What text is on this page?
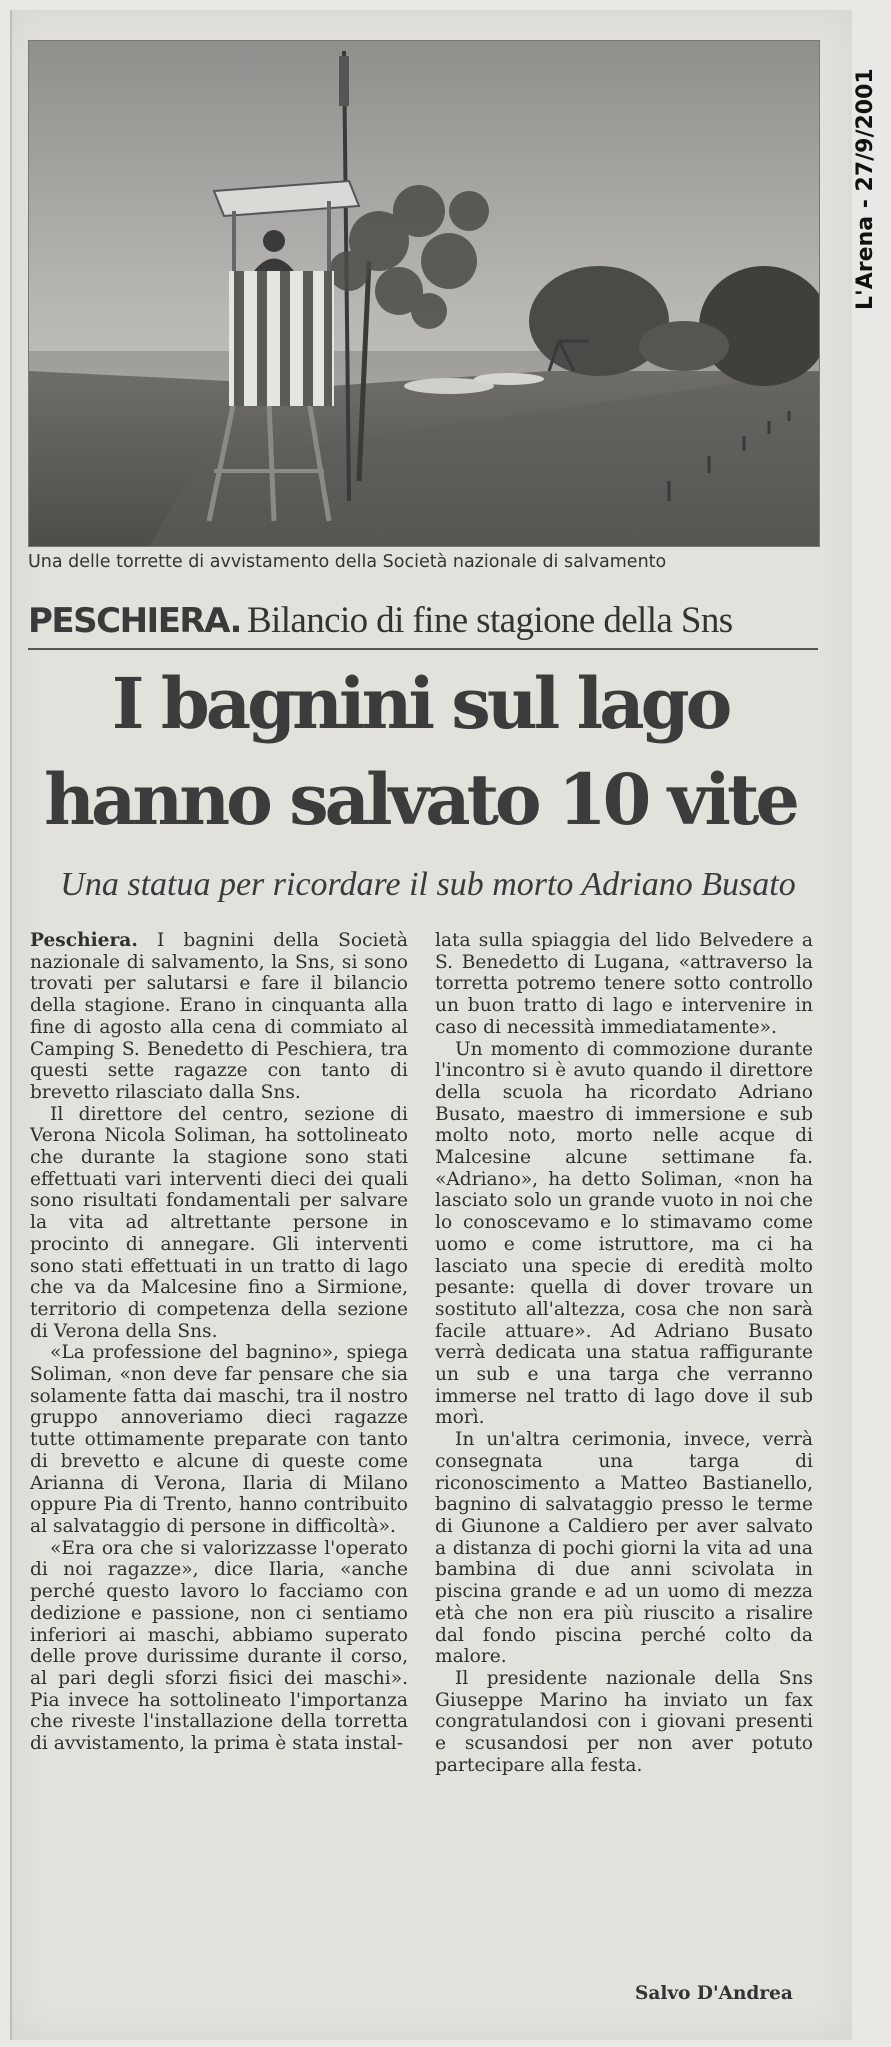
L'Arena - 27/9/2001
Una delle torrette di avvistamento della Società nazionale di salvamento
PESCHIERA. Bilancio di fine stagione della Sns
I bagnini sul lago
hanno salvato 10 vite
Una statua per ricordare il sub morto Adriano Busato

Peschiera. I bagnini della Società nazionale di salvamento, la Sns, si sono trovati per salutarsi e fare il bilancio della stagione. Erano in cinquanta alla fine di agosto alla cena di commiato al Camping S. Benedetto di Peschiera, tra questi sette ragazze con tanto di brevetto rilasciato dalla Sns.

Il direttore del centro, sezione di Verona Nicola Soliman, ha sottolineato che durante la stagione sono stati effettuati vari interventi dieci dei quali sono risultati fondamentali per salvare la vita ad altrettante persone in procinto di annegare. Gli interventi sono stati effettuati in un tratto di lago che va da Malcesine fino a Sirmione, territorio di competenza della sezione di Verona della Sns.

«La professione del bagnino», spiega Soliman, «non deve far pensare che sia solamente fatta dai maschi, tra il nostro gruppo annoveriamo dieci ragazze tutte ottimamente preparate con tanto di brevetto e alcune di queste come Arianna di Verona, Ilaria di Milano oppure Pia di Trento, hanno contribuito al salvataggio di persone in difficoltà».

«Era ora che si valorizzasse l'operato di noi ragazze», dice Ilaria, «anche perché questo lavoro lo facciamo con dedizione e passione, non ci sentiamo inferiori ai maschi, abbiamo superato delle prove durissime durante il corso, al pari degli sforzi fisici dei maschi». Pia invece ha sottolineato l'importanza che riveste l'installazione della torretta di avvistamento, la prima è stata instal-

lata sulla spiaggia del lido Belvedere a S. Benedetto di Lugana, «attraverso la torretta potremo tenere sotto controllo un buon tratto di lago e intervenire in caso di necessità immediatamente».

Un momento di commozione durante l'incontro si è avuto quando il direttore della scuola ha ricordato Adriano Busato, maestro di immersione e sub molto noto, morto nelle acque di Malcesine alcune settimane fa. «Adriano», ha detto Soliman, «non ha lasciato solo un grande vuoto in noi che lo conoscevamo e lo stimavamo come uomo e come istruttore, ma ci ha lasciato una specie di eredità molto pesante: quella di dover trovare un sostituto all'altezza, cosa che non sarà facile attuare». Ad Adriano Busato verrà dedicata una statua raffigurante un sub e una targa che verranno immerse nel tratto di lago dove il sub morì.

In un'altra cerimonia, invece, verrà consegnata una targa di riconoscimento a Matteo Bastianello, bagnino di salvataggio presso le terme di Giunone a Caldiero per aver salvato a distanza di pochi giorni la vita ad una bambina di due anni scivolata in piscina grande e ad un uomo di mezza età che non era più riuscito a risalire dal fondo piscina perché colto da malore.

Il presidente nazionale della Sns Giuseppe Marino ha inviato un fax congratulandosi con i giovani presenti e scusandosi per non aver potuto partecipare alla festa.

Salvo D'Andrea
